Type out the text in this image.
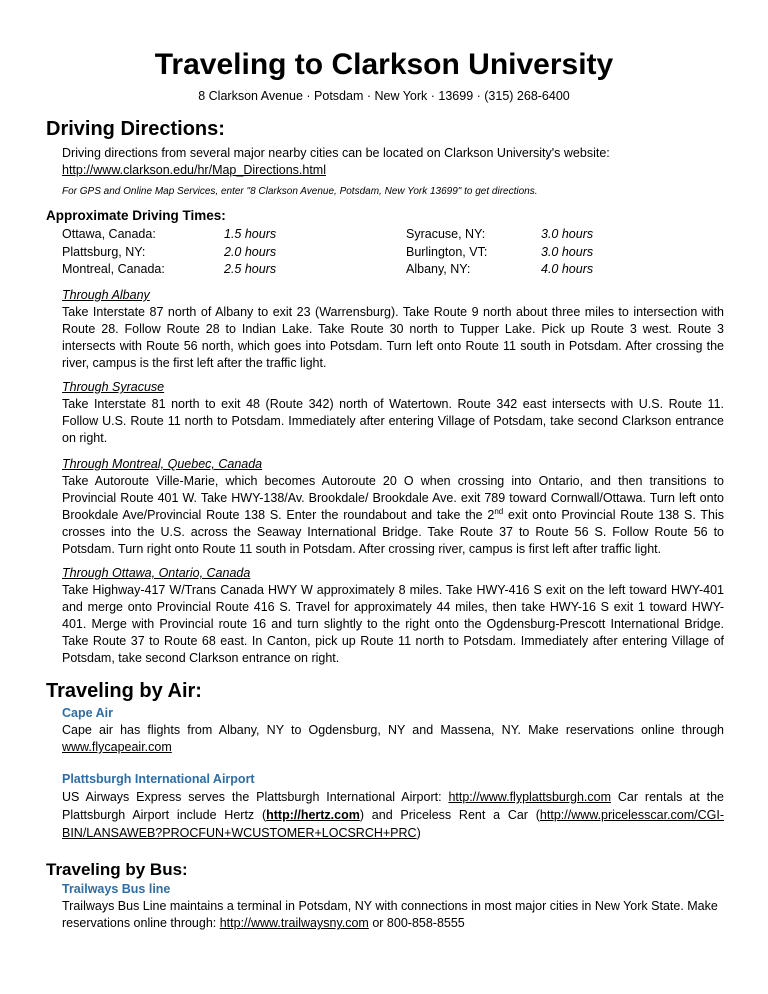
Traveling to Clarkson University
8 Clarkson Avenue · Potsdam · New York · 13699 · (315) 268-6400
Driving Directions:
Driving directions from several major nearby cities can be located on Clarkson University's website:
http://www.clarkson.edu/hr/Map_Directions.html
For GPS and Online Map Services, enter "8 Clarkson Avenue, Potsdam, New York 13699" to get directions.
Approximate Driving Times:
Ottawa, Canada:
Plattsburg, NY:
Montreal, Canada:
1.5 hours
2.0 hours
2.5 hours
Syracuse, NY:
Burlington, VT:
Albany, NY:
3.0 hours
3.0 hours
4.0 hours
Through Albany
Take Interstate 87 north of Albany to exit 23 (Warrensburg). Take Route 9 north about three miles to intersection with Route 28. Follow Route 28 to Indian Lake. Take Route 30 north to Tupper Lake. Pick up Route 3 west. Route 3 intersects with Route 56 north, which goes into Potsdam. Turn left onto Route 11 south in Potsdam. After crossing the river, campus is the first left after the traffic light.
Through Syracuse
Take Interstate 81 north to exit 48 (Route 342) north of Watertown. Route 342 east intersects with U.S. Route 11. Follow U.S. Route 11 north to Potsdam. Immediately after entering Village of Potsdam, take second Clarkson entrance on right.
Through Montreal, Quebec, Canada
Take Autoroute Ville-Marie, which becomes Autoroute 20 O when crossing into Ontario, and then transitions to Provincial Route 401 W. Take HWY-138/Av. Brookdale/ Brookdale Ave. exit 789 toward Cornwall/Ottawa. Turn left onto Brookdale Ave/Provincial Route 138 S. Enter the roundabout and take the 2nd exit onto Provincial Route 138 S. This crosses into the U.S. across the Seaway International Bridge. Take Route 37 to Route 56 S. Follow Route 56 to Potsdam. Turn right onto Route 11 south in Potsdam. After crossing river, campus is first left after traffic light.
Through Ottawa, Ontario, Canada
Take Highway-417 W/Trans Canada HWY W approximately 8 miles. Take HWY-416 S exit on the left toward HWY-401 and merge onto Provincial Route 416 S. Travel for approximately 44 miles, then take HWY-16 S exit 1 toward HWY-401. Merge with Provincial route 16 and turn slightly to the right onto the Ogdensburg-Prescott International Bridge. Take Route 37 to Route 68 east. In Canton, pick up Route 11 north to Potsdam. Immediately after entering Village of Potsdam, take second Clarkson entrance on right.
Traveling by Air:
Cape Air
Cape air has flights from Albany, NY to Ogdensburg, NY and Massena, NY. Make reservations online through www.flycapeair.com
Plattsburgh International Airport
US Airways Express serves the Plattsburgh International Airport: http://www.flyplattsburgh.com Car rentals at the Plattsburgh Airport include Hertz (http://hertz.com) and Priceless Rent a Car (http://www.pricelesscar.com/CGI-BIN/LANSAWEB?PROCFUN+WCUSTOMER+LOCSRCH+PRC)
Traveling by Bus:
Trailways Bus line
Trailways Bus Line maintains a terminal in Potsdam, NY with connections in most major cities in New York State. Make reservations online through: http://www.trailwaysny.com or 800-858-8555
